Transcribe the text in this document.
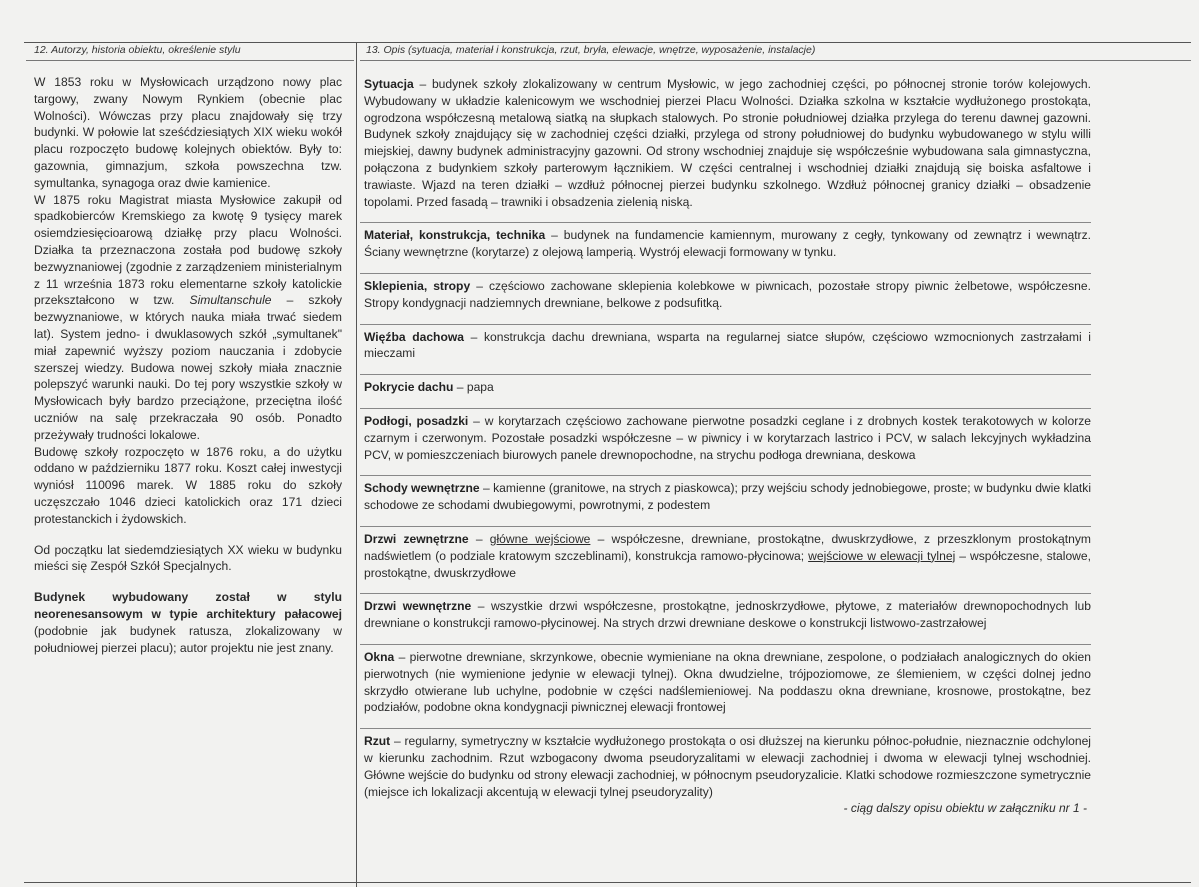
12. Autorzy, historia obiektu, określenie stylu	13. Opis (sytuacja, materiał i konstrukcja, rzut, bryła, elewacje, wnętrze, wyposażenie, instalacje)

W 1853 roku w Mysłowicach urządzono nowy plac targowy, zwany Nowym Rynkiem (obecnie plac Wolności). Wówczas przy placu znajdowały się trzy budynki. W połowie lat sześćdziesiątych XIX wieku wokół placu rozpoczęto budowę kolejnych obiektów. Były to: gazownia, gimnazjum, szkoła powszechna tzw. symultanka, synagoga oraz dwie kamienice.

W 1875 roku Magistrat miasta Mysłowice zakupił od spadkobierców Kremskiego za kwotę 9 tysięcy marek osiemdziesięcioarową działkę przy placu Wolności. Działka ta przeznaczona została pod budowę szkoły bezwyznaniowej (zgodnie z zarządzeniem ministerialnym z 11 września 1873 roku elementarne szkoły katolickie przekształcono w tzw. Simultanschule – szkoły bezwyznaniowe, w których nauka miała trwać siedem lat). System jedno- i dwuklasowych szkół „symultanek" miał zapewnić wyższy poziom nauczania i zdobycie szerszej wiedzy. Budowa nowej szkoły miała znacznie polepszyć warunki nauki. Do tej pory wszystkie szkoły w Mysłowicach były bardzo przeciążone, przeciętna ilość uczniów na salę przekraczała 90 osób. Ponadto przeżywały trudności lokalowe.

Budowę szkoły rozpoczęto w 1876 roku, a do użytku oddano w październiku 1877 roku. Koszt całej inwestycji wyniósł 110096 marek. W 1885 roku do szkoły uczęszczało 1046 dzieci katolickich oraz 171 dzieci protestanckich i żydowskich.

Od początku lat siedemdziesiątych XX wieku w budynku mieści się Zespół Szkół Specjalnych.

Budynek wybudowany został w stylu neorenesansowym w typie architektury pałacowej (podobnie jak budynek ratusza, zlokalizowany w południowej pierzei placu); autor projektu nie jest znany.

Sytuacja – budynek szkoły zlokalizowany w centrum Mysłowic, w jego zachodniej części, po północnej stronie torów kolejowych. Wybudowany w układzie kalenicowym we wschodniej pierzei Placu Wolności. Działka szkolna w kształcie wydłużonego prostokąta, ogrodzona współczesną metalową siatką na słupkach stalowych. Po stronie południowej działka przylega do terenu dawnej gazowni. Budynek szkoły znajdujący się w zachodniej części działki, przylega od strony południowej do budynku wybudowanego w stylu willi miejskiej, dawny budynek administracyjny gazowni. Od strony wschodniej znajduje się współcześnie wybudowana sala gimnastyczna, połączona z budynkiem szkoły parterowym łącznikiem. W części centralnej i wschodniej działki znajdują się boiska asfaltowe i trawiaste. Wjazd na teren działki – wzdłuż północnej pierzei budynku szkolnego. Wzdłuż północnej granicy działki – obsadzenie topolami. Przed fasadą – trawniki i obsadzenia zielenią niską.

Materiał, konstrukcja, technika – budynek na fundamencie kamiennym, murowany z cegły, tynkowany od zewnątrz i wewnątrz. Ściany wewnętrzne (korytarze) z olejową lamperią. Wystrój elewacji formowany w tynku.

Sklepienia, stropy – częściowo zachowane sklepienia kolebkowe w piwnicach, pozostałe stropy piwnic żelbetowe, współczesne. Stropy kondygnacji nadziemnych drewniane, belkowe z podsufitką.

Więźba dachowa – konstrukcja dachu drewniana, wsparta na regularnej siatce słupów, częściowo wzmocnionych zastrzałami i mieczami

Pokrycie dachu – papa

Podłogi, posadzki – w korytarzach częściowo zachowane pierwotne posadzki ceglane i z drobnych kostek terakotowych w kolorze czarnym i czerwonym. Pozostałe posadzki współczesne – w piwnicy i w korytarzach lastrico i PCV, w salach lekcyjnych wykładzina PCV, w pomieszczeniach biurowych panele drewnopochodne, na strychu podłoga drewniana, deskowa

Schody wewnętrzne – kamienne (granitowe, na strych z piaskowca); przy wejściu schody jednobiegowe, proste; w budynku dwie klatki schodowe ze schodami dwubiegowymi, powrotnymi, z podestem

Drzwi zewnętrzne – główne wejściowe – współczesne, drewniane, prostokątne, dwuskrzydłowe, z przeszklonym prostokątnym nadświetlem (o podziale kratowym szczeblinami), konstrukcja ramowo-płycinowa; wejściowe w elewacji tylnej – współczesne, stalowe, prostokątne, dwuskrzydłowe

Drzwi wewnętrzne – wszystkie drzwi współczesne, prostokątne, jednoskrzydłowe, płytowe, z materiałów drewnopochodnych lub drewniane o konstrukcji ramowo-płycinowej. Na strych drzwi drewniane deskowe o konstrukcji listwowo-zastrzałowej

Okna – pierwotne drewniane, skrzynkowe, obecnie wymieniane na okna drewniane, zespolone, o podziałach analogicznych do okien pierwotnych (nie wymienione jedynie w elewacji tylnej). Okna dwudzielne, trójpoziomowe, ze ślemieniem, w części dolnej jedno skrzydło otwierane lub uchylne, podobnie w części nadślemieniowej. Na poddaszu okna drewniane, krosnowe, prostokątne, bez podziałów, podobne okna kondygnacji piwnicznej elewacji frontowej

Rzut – regularny, symetryczny w kształcie wydłużonego prostokąta o osi dłuższej na kierunku północ-południe, nieznacznie odchylonej w kierunku zachodnim. Rzut wzbogacony dwoma pseudoryzalitami w elewacji zachodniej i dwoma w elewacji tylnej wschodniej. Główne wejście do budynku od strony elewacji zachodniej, w północnym pseudoryzalicie. Klatki schodowe rozmieszczone symetrycznie (miejsce ich lokalizacji akcentują w elewacji tylnej pseudoryzality)

- ciąg dalszy opisu obiektu w załączniku nr 1 -
